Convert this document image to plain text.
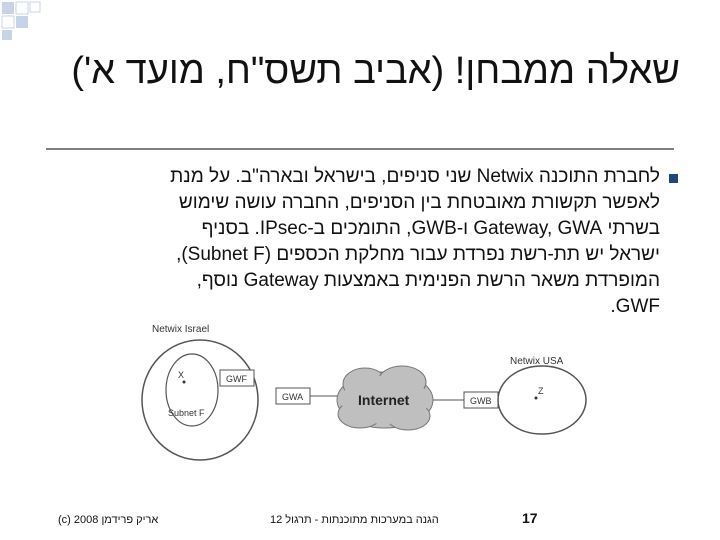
שאלה ממבחן! (אביב תשס"ח, מועד א')
לחברת התוכנה Netwix שני סניפים, בישראל ובארה"ב. על מנת
לאפשר תקשורת מאובטחת בין הסניפים, החברה עושה שימוש
בשרתי Gateway, GWA ו-GWB, התומכים ב-IPsec. בסניף
ישראל יש תת-רשת נפרדת עבור מחלקת הכספים (Subnet F),
המופרדת משאר הרשת הפנימית באמצעות Gateway נוסף,
GWF.
Netwix Israel
Subnet F
X	GWF
GWA	Internet	GWB
Netwix USA
Z
אריק פרידמן 2008 (c)	הגנה במערכות מתוכנתות - תרגול 12	17
